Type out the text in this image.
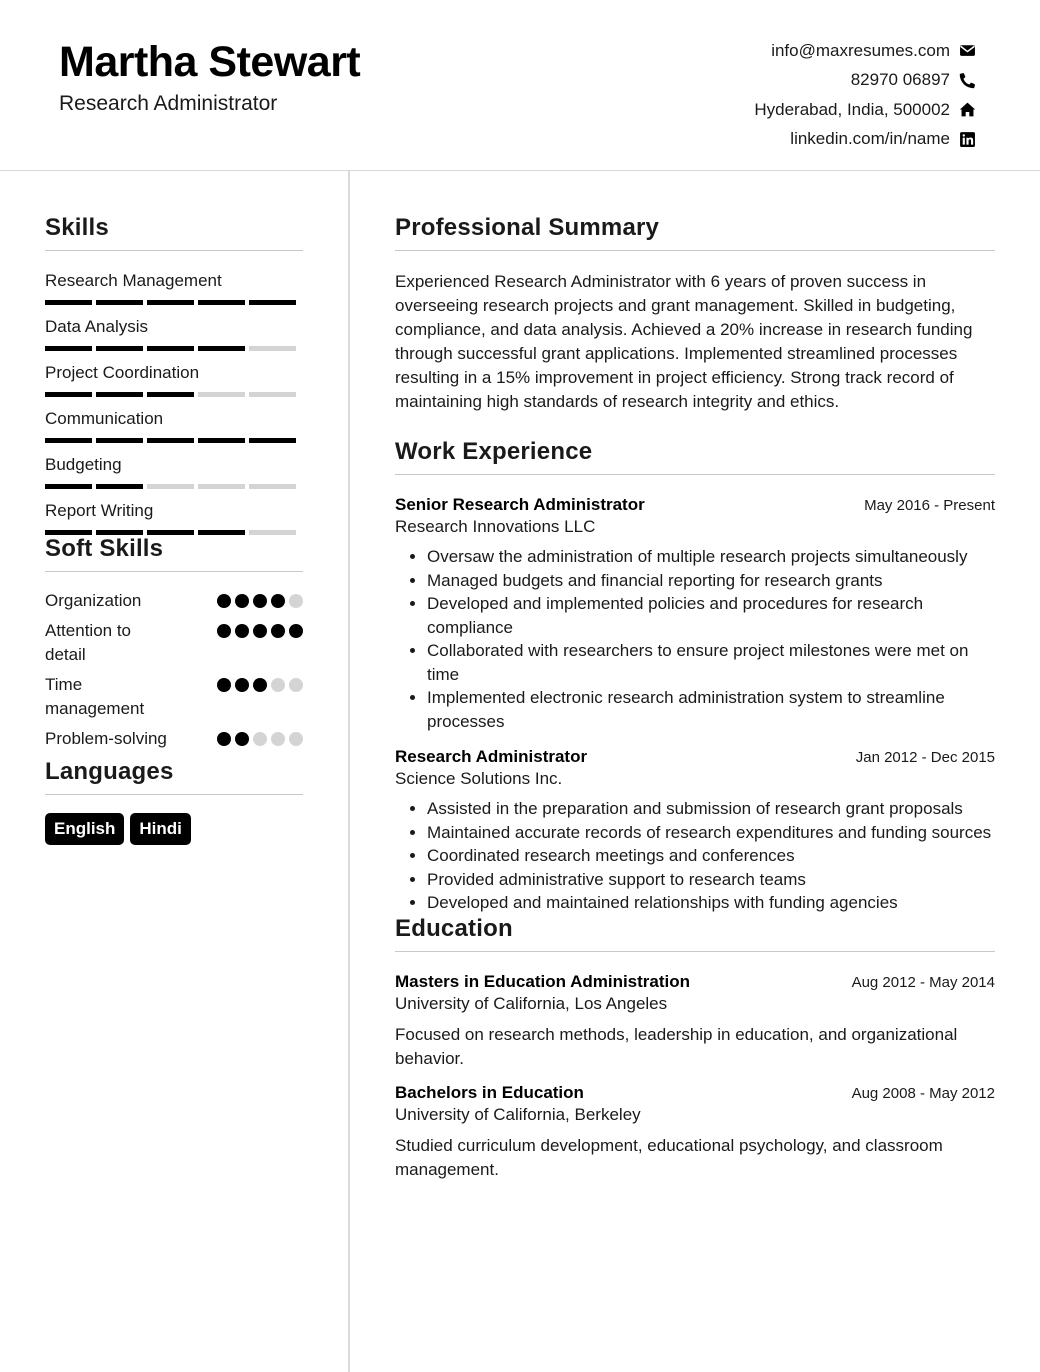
Martha Stewart
Research Administrator
info@maxresumes.com
82970 06897
Hyderabad, India, 500002
linkedin.com/in/name
Skills
Research Management
Data Analysis
Project Coordination
Communication
Budgeting
Report Writing
Soft Skills
Organization
Attention to detail
Time management
Problem-solving
Languages
English	Hindi
Professional Summary

Experienced Research Administrator with 6 years of proven success in overseeing research projects and grant management. Skilled in budgeting, compliance, and data analysis. Achieved a 20% increase in research funding through successful grant applications. Implemented streamlined processes resulting in a 15% improvement in project efficiency. Strong track record of maintaining high standards of research integrity and ethics.

Work Experience
Senior Research Administrator	May 2016 - Present
Research Innovations LLC
• Oversaw the administration of multiple research projects simultaneously
• Managed budgets and financial reporting for research grants
• Developed and implemented policies and procedures for research compliance
• Collaborated with researchers to ensure project milestones were met on time
• Implemented electronic research administration system to streamline processes
Research Administrator	Jan 2012 - Dec 2015
Science Solutions Inc.
• Assisted in the preparation and submission of research grant proposals
• Maintained accurate records of research expenditures and funding sources
• Coordinated research meetings and conferences
• Provided administrative support to research teams
• Developed and maintained relationships with funding agencies
Education
Masters in Education Administration	Aug 2012 - May 2014
University of California, Los Angeles

Focused on research methods, leadership in education, and organizational behavior.

Bachelors in Education	Aug 2008 - May 2012
University of California, Berkeley

Studied curriculum development, educational psychology, and classroom management.
